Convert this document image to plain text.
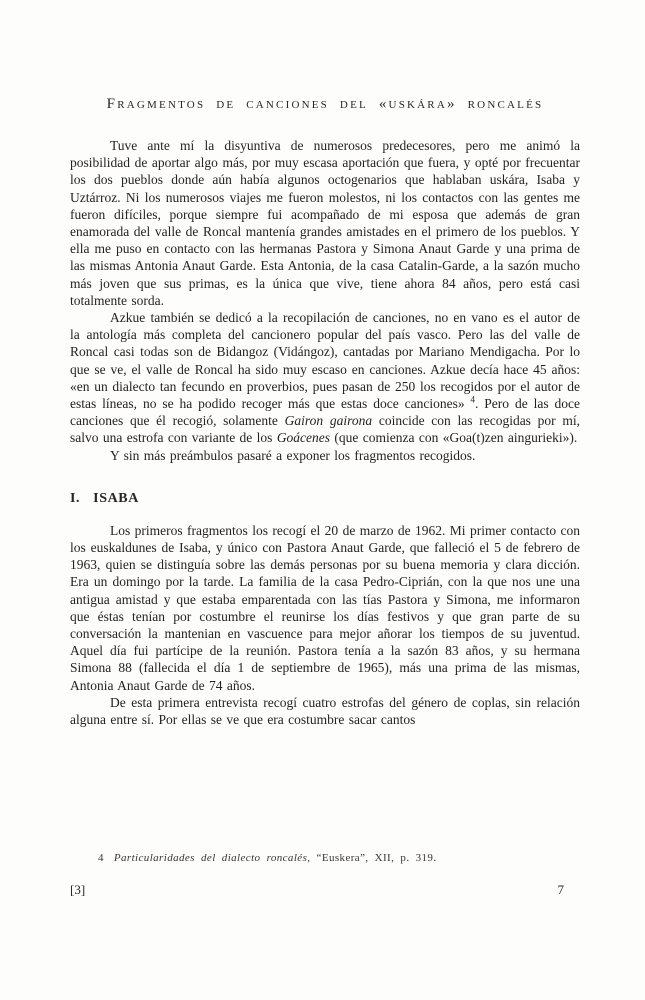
Fragmentos de canciones del «uskára» roncalés

Tuve ante mí la disyuntiva de numerosos predecesores, pero me animó la posibilidad de aportar algo más, por muy escasa aportación que fuera, y opté por frecuentar los dos pueblos donde aún había algunos octogenarios que hablaban uskára, Isaba y Uztárroz. Ni los numerosos viajes me fueron molestos, ni los contactos con las gentes me fueron difíciles, porque siempre fui acompañado de mi esposa que además de gran enamorada del valle de Roncal mantenía grandes amistades en el primero de los pueblos. Y ella me puso en contacto con las hermanas Pastora y Simona Anaut Garde y una prima de las mismas Antonia Anaut Garde. Esta Antonia, de la casa Catalin-Garde, a la sazón mucho más joven que sus primas, es la única que vive, tiene ahora 84 años, pero está casi totalmente sorda.

Azkue también se dedicó a la recopilación de canciones, no en vano es el autor de la antología más completa del cancionero popular del país vasco. Pero las del valle de Roncal casi todas son de Bidangoz (Vidángoz), cantadas por Mariano Mendigacha. Por lo que se ve, el valle de Roncal ha sido muy escaso en canciones. Azkue decía hace 45 años: «en un dialecto tan fecundo en proverbios, pues pasan de 250 los recogidos por el autor de estas líneas, no se ha podido recoger más que estas doce canciones» $^4$. Pero de las doce canciones que él recogió, solamente Gairon gairona coincide con las recogidas por mí, salvo una estrofa con variante de los Goácenes (que comienza con «Goa(t)zen aingurieki»).

Y sin más preámbulos pasaré a exponer los fragmentos recogidos.

I. ISABA

Los primeros fragmentos los recogí el 20 de marzo de 1962. Mi primer contacto con los euskaldunes de Isaba, y único con Pastora Anaut Garde, que falleció el 5 de febrero de 1963, quien se distinguía sobre las demás personas por su buena memoria y clara dicción. Era un domingo por la tarde. La familia de la casa Pedro-Ciprián, con la que nos une una antigua amistad y que estaba emparentada con las tías Pastora y Simona, me informaron que éstas tenían por costumbre el reunirse los días festivos y que gran parte de su conversación la mantenian en vascuence para mejor añorar los tiempos de su juventud. Aquel día fui partícipe de la reunión. Pastora tenía a la sazón 83 años, y su hermana Simona 88 (fallecida el día 1 de septiembre de 1965), más una prima de las mismas, Antonia Anaut Garde de 74 años.

De esta primera entrevista recogí cuatro estrofas del género de coplas, sin relación alguna entre sí. Por ellas se ve que era costumbre sacar cantos

4 Particularidades del dialecto roncalés, “Euskera”, XII, p. 319.
[3]	7
